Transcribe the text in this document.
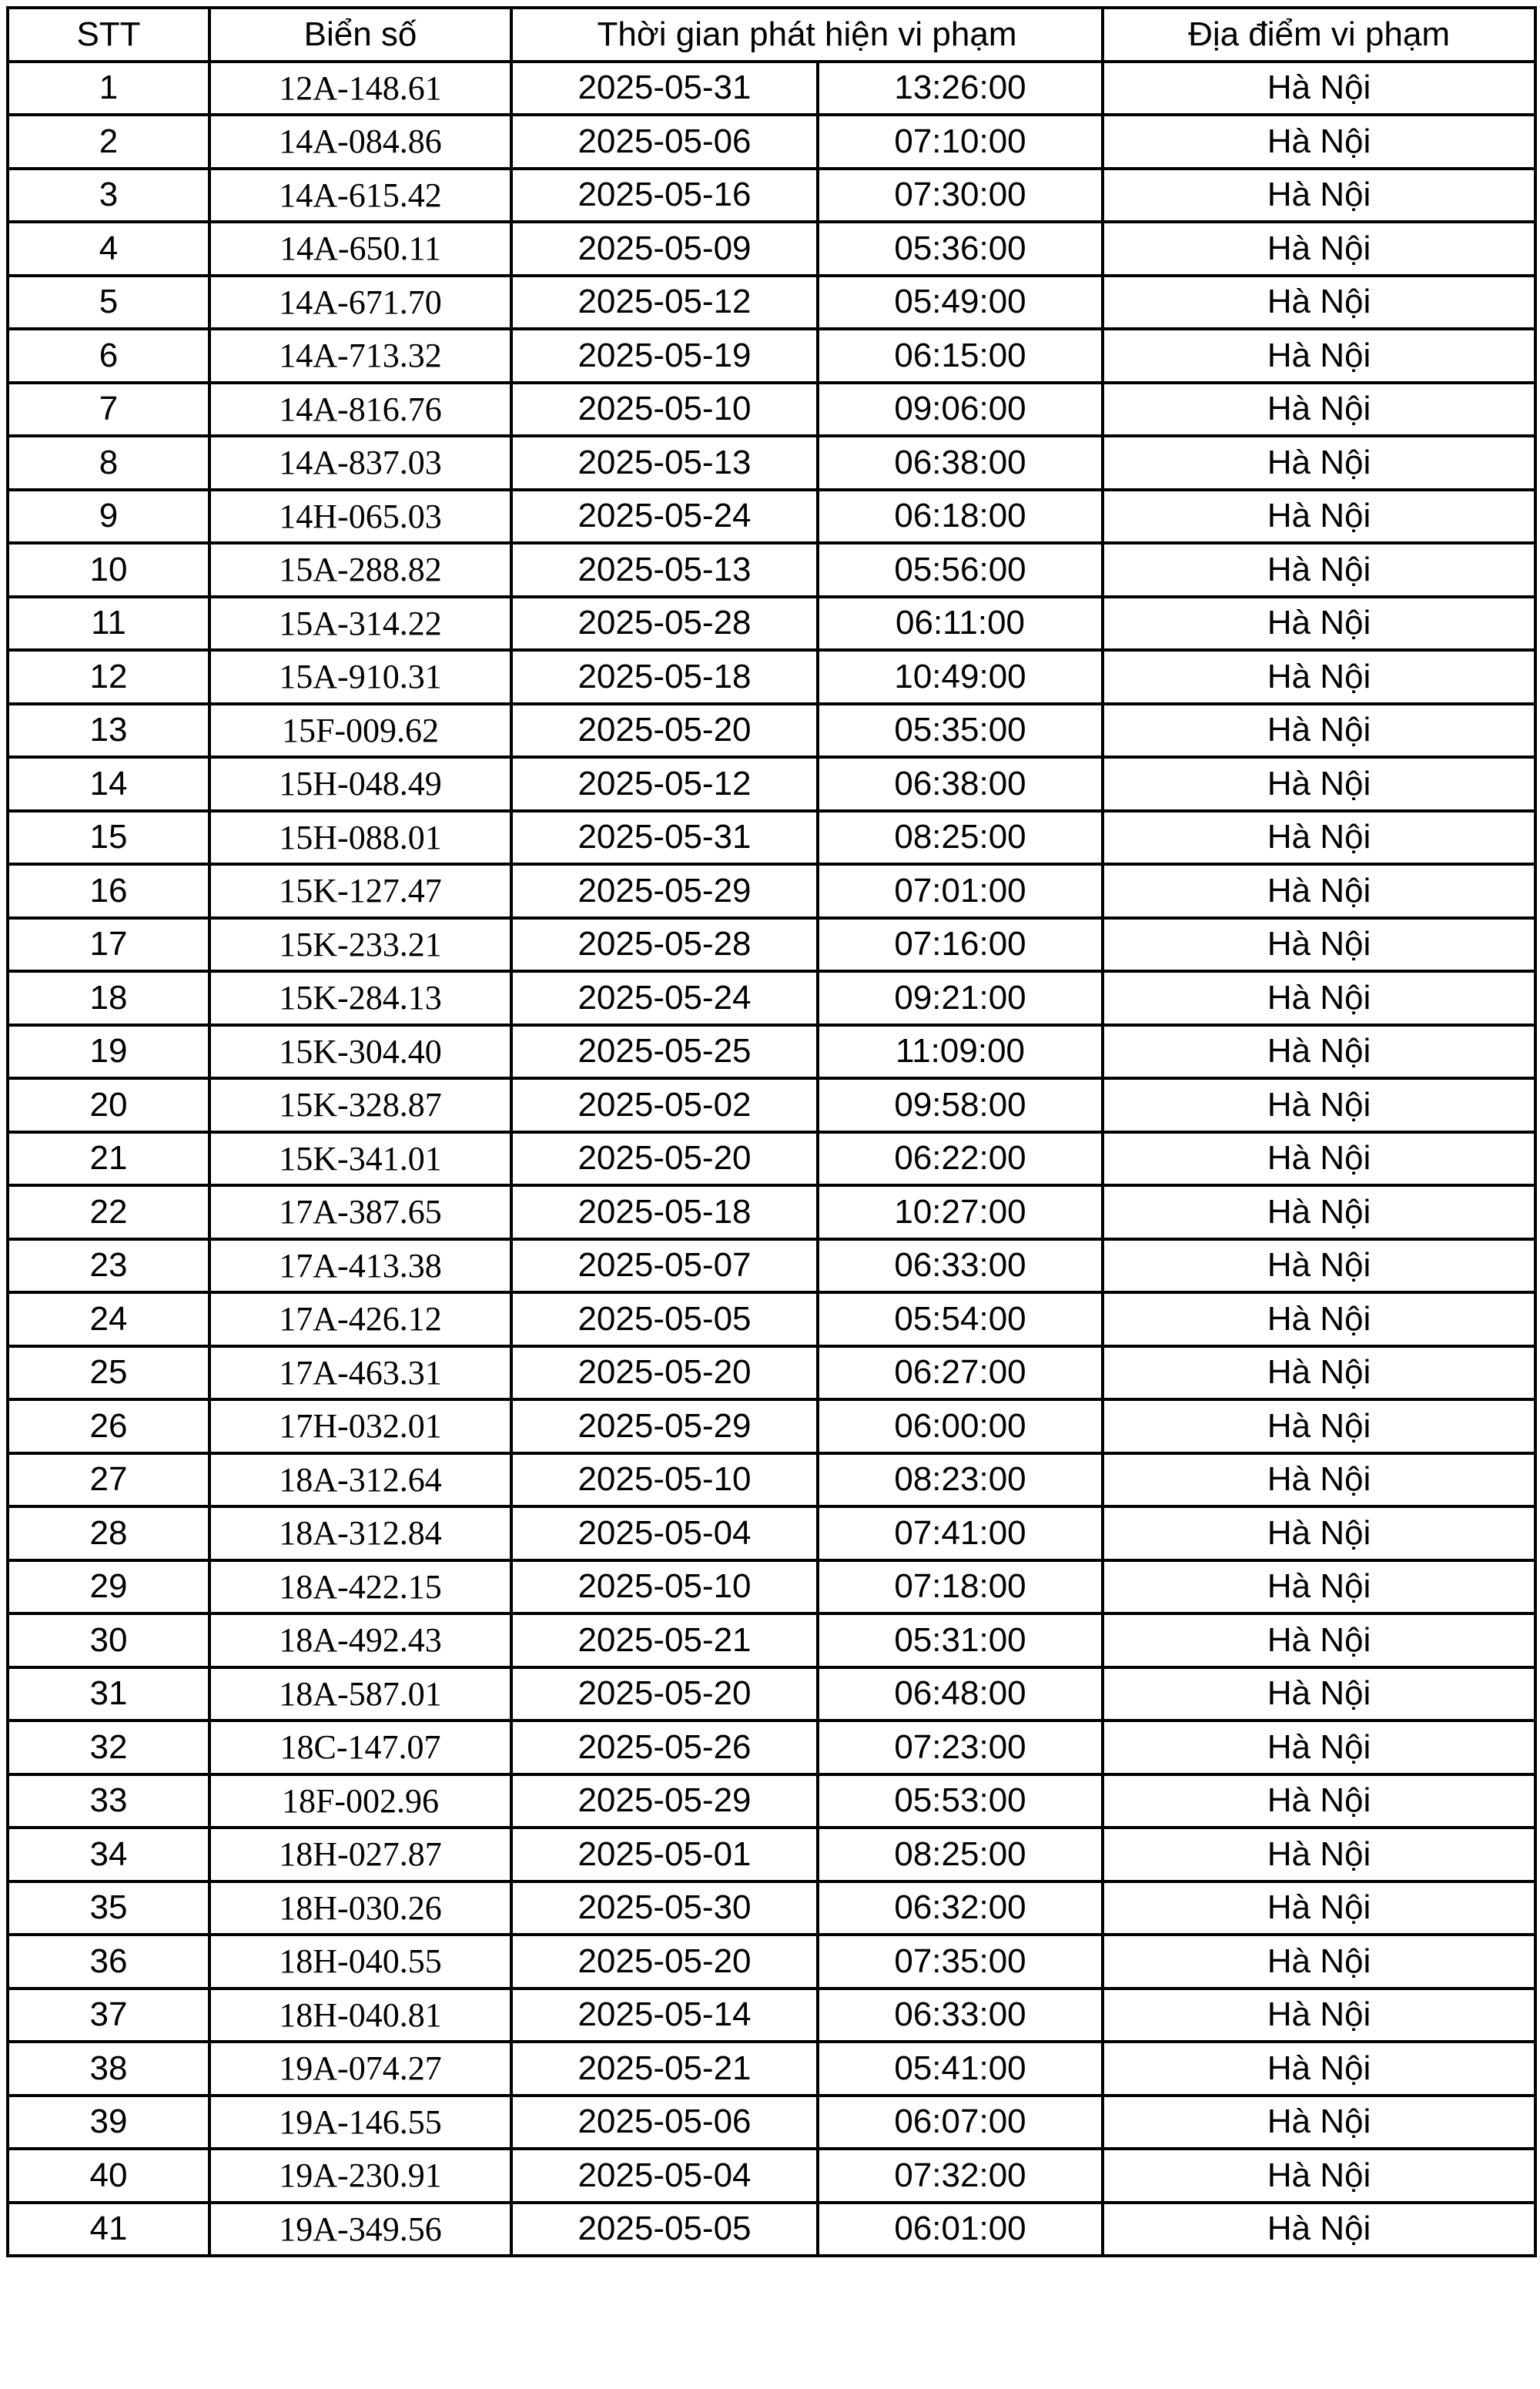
STT	Biển số	Thời gian phát hiện vi phạm		Địa điểm vi phạm
1	12A-148.61	2025-05-31	13:26:00	Hà Nội
2	14A-084.86	2025-05-06	07:10:00	Hà Nội
3	14A-615.42	2025-05-16	07:30:00	Hà Nội
4	14A-650.11	2025-05-09	05:36:00	Hà Nội
5	14A-671.70	2025-05-12	05:49:00	Hà Nội
6	14A-713.32	2025-05-19	06:15:00	Hà Nội
7	14A-816.76	2025-05-10	09:06:00	Hà Nội
8	14A-837.03	2025-05-13	06:38:00	Hà Nội
9	14H-065.03	2025-05-24	06:18:00	Hà Nội
10	15A-288.82	2025-05-13	05:56:00	Hà Nội
11	15A-314.22	2025-05-28	06:11:00	Hà Nội
12	15A-910.31	2025-05-18	10:49:00	Hà Nội
13	15F-009.62	2025-05-20	05:35:00	Hà Nội
14	15H-048.49	2025-05-12	06:38:00	Hà Nội
15	15H-088.01	2025-05-31	08:25:00	Hà Nội
16	15K-127.47	2025-05-29	07:01:00	Hà Nội
17	15K-233.21	2025-05-28	07:16:00	Hà Nội
18	15K-284.13	2025-05-24	09:21:00	Hà Nội
19	15K-304.40	2025-05-25	11:09:00	Hà Nội
20	15K-328.87	2025-05-02	09:58:00	Hà Nội
21	15K-341.01	2025-05-20	06:22:00	Hà Nội
22	17A-387.65	2025-05-18	10:27:00	Hà Nội
23	17A-413.38	2025-05-07	06:33:00	Hà Nội
24	17A-426.12	2025-05-05	05:54:00	Hà Nội
25	17A-463.31	2025-05-20	06:27:00	Hà Nội
26	17H-032.01	2025-05-29	06:00:00	Hà Nội
27	18A-312.64	2025-05-10	08:23:00	Hà Nội
28	18A-312.84	2025-05-04	07:41:00	Hà Nội
29	18A-422.15	2025-05-10	07:18:00	Hà Nội
30	18A-492.43	2025-05-21	05:31:00	Hà Nội
31	18A-587.01	2025-05-20	06:48:00	Hà Nội
32	18C-147.07	2025-05-26	07:23:00	Hà Nội
33	18F-002.96	2025-05-29	05:53:00	Hà Nội
34	18H-027.87	2025-05-01	08:25:00	Hà Nội
35	18H-030.26	2025-05-30	06:32:00	Hà Nội
36	18H-040.55	2025-05-20	07:35:00	Hà Nội
37	18H-040.81	2025-05-14	06:33:00	Hà Nội
38	19A-074.27	2025-05-21	05:41:00	Hà Nội
39	19A-146.55	2025-05-06	06:07:00	Hà Nội
40	19A-230.91	2025-05-04	07:32:00	Hà Nội
41	19A-349.56	2025-05-05	06:01:00	Hà Nội
